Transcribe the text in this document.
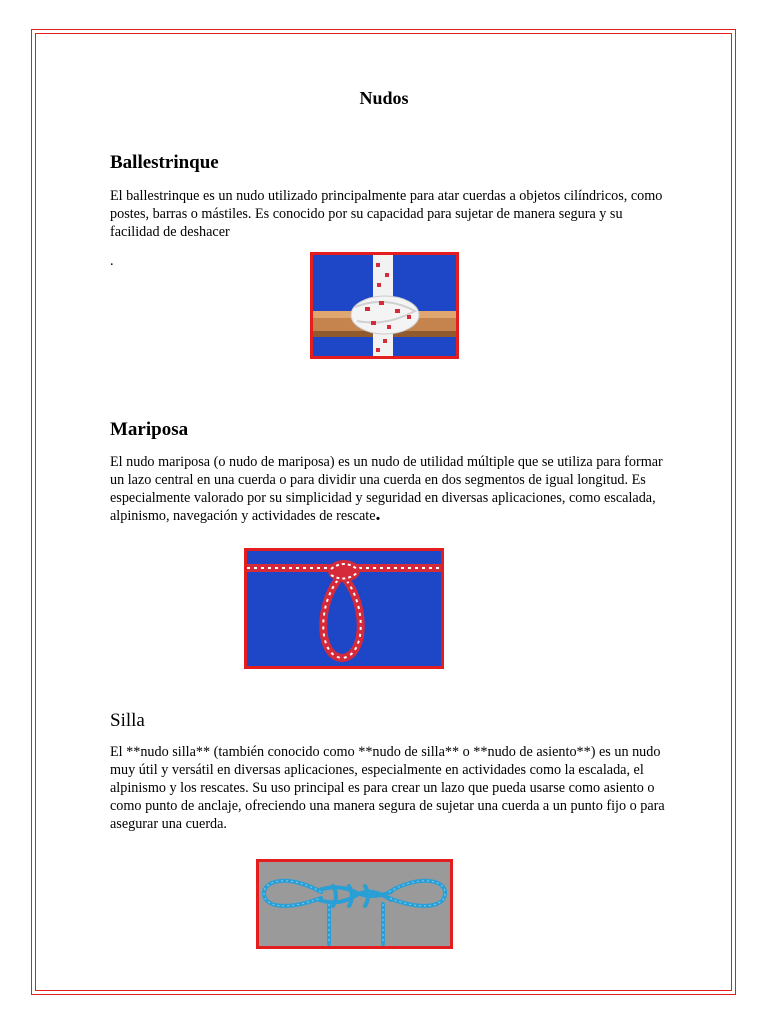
Nudos
Ballestrinque
El ballestrinque es un nudo utilizado principalmente para atar cuerdas a objetos cilíndricos, como postes, barras o mástiles. Es conocido por su capacidad para sujetar de manera segura y su facilidad de deshacer
.
Mariposa
El nudo mariposa (o nudo de mariposa) es un nudo de utilidad múltiple que se utiliza para formar un lazo central en una cuerda o para dividir una cuerda en dos segmentos de igual longitud. Es especialmente valorado por su simplicidad y seguridad en diversas aplicaciones, como escalada, alpinismo, navegación y actividades de rescate.
Silla
El **nudo silla** (también conocido como **nudo de silla** o **nudo de asiento**) es un nudo muy útil y versátil en diversas aplicaciones, especialmente en actividades como la escalada, el alpinismo y los rescates. Su uso principal es para crear un lazo que pueda usarse como asiento o como punto de anclaje, ofreciendo una manera segura de sujetar una cuerda a un punto fijo o para asegurar una cuerda.
